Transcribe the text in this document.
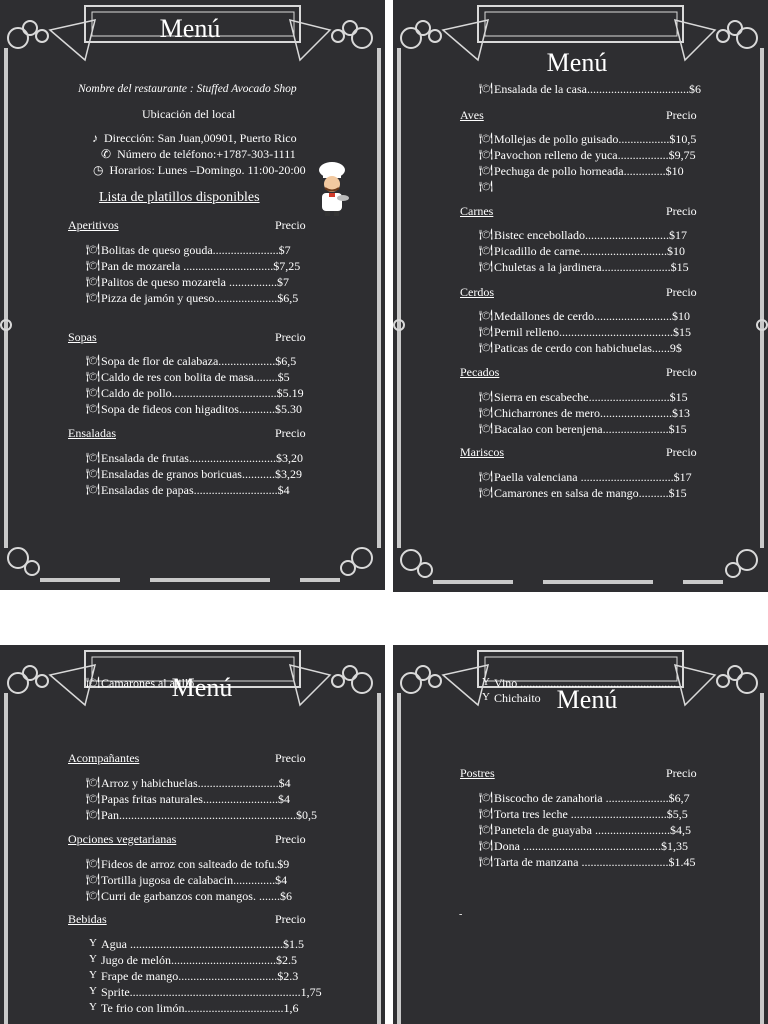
Menú
Nombre del restaurante : Stuffed Avocado Shop
Ubicación del local
♪ Dirección: San Juan,00901, Puerto Rico
✆ Número de teléfono:+1787-303-1111
◷ Horarios: Lunes –Domingo. 11:00-20:00
Lista de platillos disponibles
Aperitivos	Precio
🍽 Bolitas de queso gouda......................$7
🍽 Pan de mozarela ..............................$7,25
🍽 Palitos de queso mozarela ................$7
🍽 Pizza de jamón y queso.....................$6,5
Sopas	Precio
🍽 Sopa de flor de calabaza...................$6,5
🍽 Caldo de res con bolita de masa........$5
🍽 Caldo de pollo...................................$5.19
🍽 Sopa de fideos con higaditos............$5.30
Ensaladas	Precio
🍽 Ensalada de frutas.............................$3,20
🍽 Ensaladas de granos boricuas...........$3,29
🍽 Ensaladas de papas............................$4
Menú
🍽 Ensalada de la casa..................................$6
Aves	Precio
🍽 Mollejas de pollo guisado.................$10,5
🍽 Pavochon relleno de yuca.................$9,75
🍽 Pechuga de pollo horneada..............$10
🍽
Carnes	Precio
🍽 Bistec encebollado............................$17
🍽 Picadillo de carne.............................$10
🍽 Chuletas a la jardinera.......................$15
Cerdos	Precio
🍽 Medallones de cerdo..........................$10
🍽 Pernil relleno......................................$15
🍽 Paticas de cerdo con habichuelas......9$
Pecados	Precio
🍽 Sierra en escabeche...........................$15
🍽 Chicharrones de mero........................$13
🍽 Bacalao con berenjena......................$15
Mariscos	Precio
🍽 Paella valenciana ...............................$17
🍽 Camarones en salsa de mango..........$15
🍽 Camarones al ajillo
Menú
Acompañantes	Precio
🍽 Arroz y habichuelas...........................$4
🍽 Papas fritas naturales.........................$4
🍽 Pan...........................................................$0,5
Opciones vegetarianas	Precio
🍽 Fideos de arroz con salteado de tofu.$9
🍽 Tortilla jugosa de calabacin..............$4
🍽 Curri de garbanzos con mangos. .......$6
Bebidas	Precio
Y Agua ...................................................$1.5
Y Jugo de melón...................................$2.5
Y Frape de mango.................................$2.3
Y Sprite.........................................................1,75
Y Te frio con limón.................................1,6
Y Vino ....................................................
Y Chichaito Menú
Postres	Precio
🍽 Biscocho de zanahoria .....................$6,7
🍽 Torta tres leche ................................$5,5
🍽 Panetela de guayaba .........................$4,5
🍽 Dona ..............................................$1,35
🍽 Tarta de manzana .............................$1.45
-
